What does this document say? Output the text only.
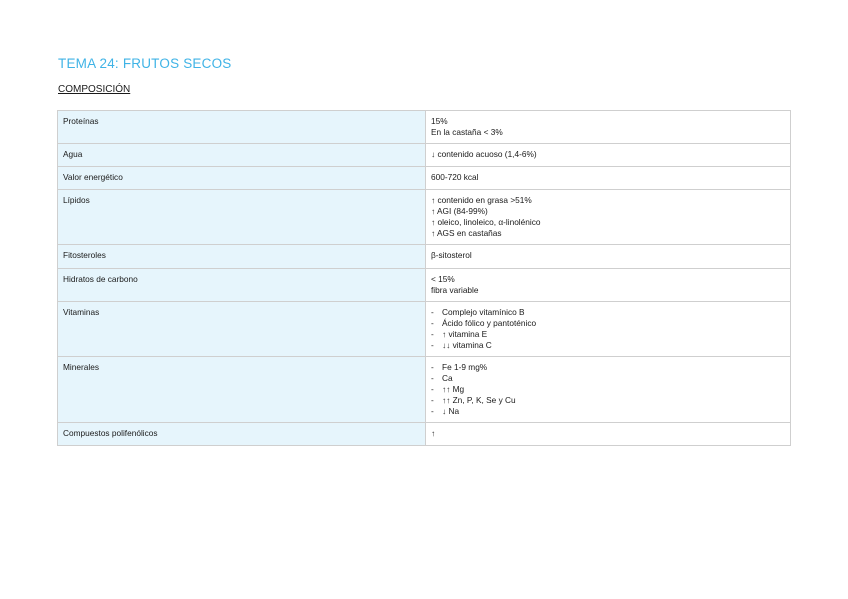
TEMA 24: FRUTOS SECOS
COMPOSICIÓN
Proteínas	15%
En la castaña < 3%

Agua	↓ contenido acuoso (1,4-6%)

Valor energético	600-720 kcal

Lípidos	↑ contenido en grasa >51%
↑ AGI (84-99%)
↑ oleico, linoleico, α-linolénico
↑ AGS en castañas

Fitosteroles	β-sitosterol

Hidratos de carbono	< 15%
fibra variable

Vitaminas	- Complejo vitamínico B
- Ácido fólico y pantoténico
- ↑ vitamina E
- ↓↓ vitamina C

Minerales	- Fe 1-9 mg%
- Ca
- ↑↑ Mg
- ↑↑ Zn, P, K, Se y Cu
- ↓ Na

Compuestos polifenólicos	↑
